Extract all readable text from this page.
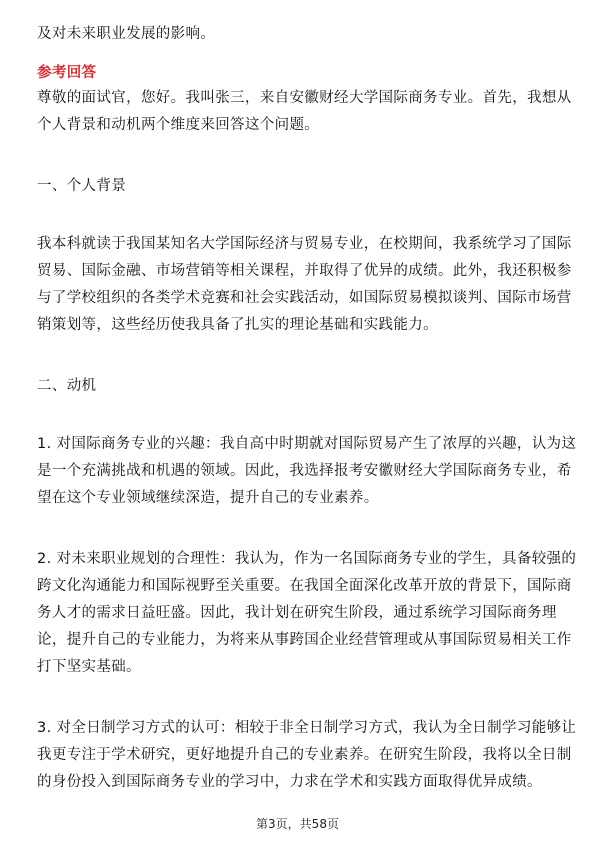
及对未来职业发展的影响。
参考回答
尊敬的面试官，您好。我叫张三，来自安徽财经大学国际商务专业。首先，我想从
个人背景和动机两个维度来回答这个问题。
一、个人背景
我本科就读于我国某知名大学国际经济与贸易专业，在校期间，我系统学习了国际
贸易、国际金融、市场营销等相关课程，并取得了优异的成绩。此外，我还积极参
与了学校组织的各类学术竞赛和社会实践活动，如国际贸易模拟谈判、国际市场营
销策划等，这些经历使我具备了扎实的理论基础和实践能力。
二、动机
1. 对国际商务专业的兴趣：我自高中时期就对国际贸易产生了浓厚的兴趣，认为这
是一个充满挑战和机遇的领域。因此，我选择报考安徽财经大学国际商务专业，希
望在这个专业领域继续深造，提升自己的专业素养。
2. 对未来职业规划的合理性：我认为，作为一名国际商务专业的学生，具备较强的
跨文化沟通能力和国际视野至关重要。在我国全面深化改革开放的背景下，国际商
务人才的需求日益旺盛。因此，我计划在研究生阶段，通过系统学习国际商务理
论，提升自己的专业能力，为将来从事跨国企业经营管理或从事国际贸易相关工作
打下坚实基础。
3. 对全日制学习方式的认可：相较于非全日制学习方式，我认为全日制学习能够让
我更专注于学术研究，更好地提升自己的专业素养。在研究生阶段，我将以全日制
的身份投入到国际商务专业的学习中，力求在学术和实践方面取得优异成绩。
第3页，共58页
